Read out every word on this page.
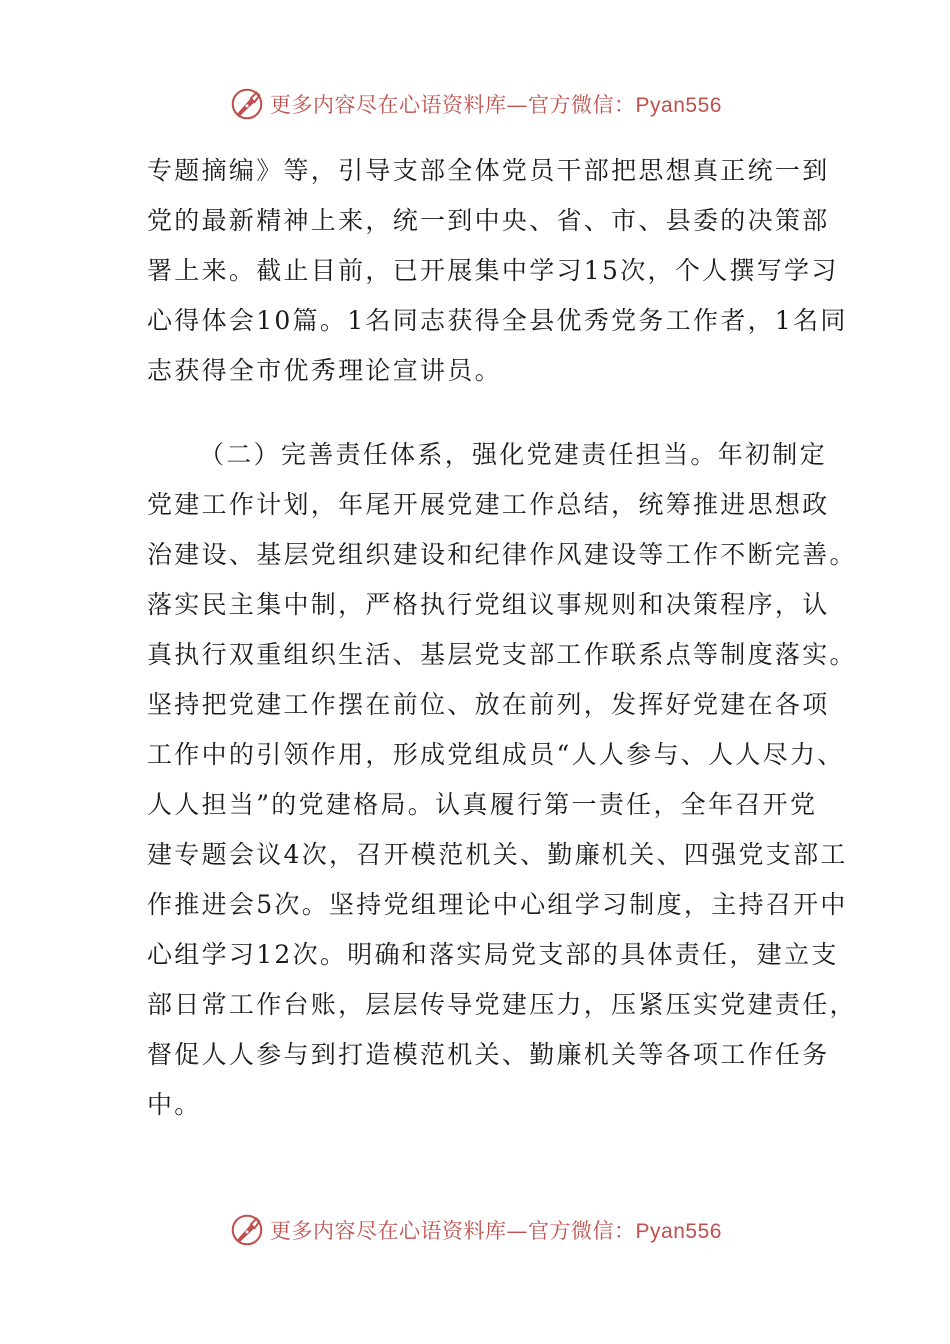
更多内容尽在心语资料库—官方微信：Pyan556

专题摘编》等，引导支部全体党员干部把思想真正统一到
党的最新精神上来，统一到中央、省、市、县委的决策部
署上来。截止目前，已开展集中学习15次，个人撰写学习
心得体会10篇。1名同志获得全县优秀党务工作者，1名同
志获得全市优秀理论宣讲员。

（二）完善责任体系，强化党建责任担当。年初制定
党建工作计划，年尾开展党建工作总结，统筹推进思想政
治建设、基层党组织建设和纪律作风建设等工作不断完善。
落实民主集中制，严格执行党组议事规则和决策程序，认
真执行双重组织生活、基层党支部工作联系点等制度落实。
坚持把党建工作摆在前位、放在前列，发挥好党建在各项
工作中的引领作用，形成党组成员“人人参与、人人尽力、
人人担当”的党建格局。认真履行第一责任，全年召开党
建专题会议4次，召开模范机关、勤廉机关、四强党支部工
作推进会5次。坚持党组理论中心组学习制度，主持召开中
心组学习12次。明确和落实局党支部的具体责任，建立支
部日常工作台账，层层传导党建压力，压紧压实党建责任，
督促人人参与到打造模范机关、勤廉机关等各项工作任务
中。

更多内容尽在心语资料库—官方微信：Pyan556
